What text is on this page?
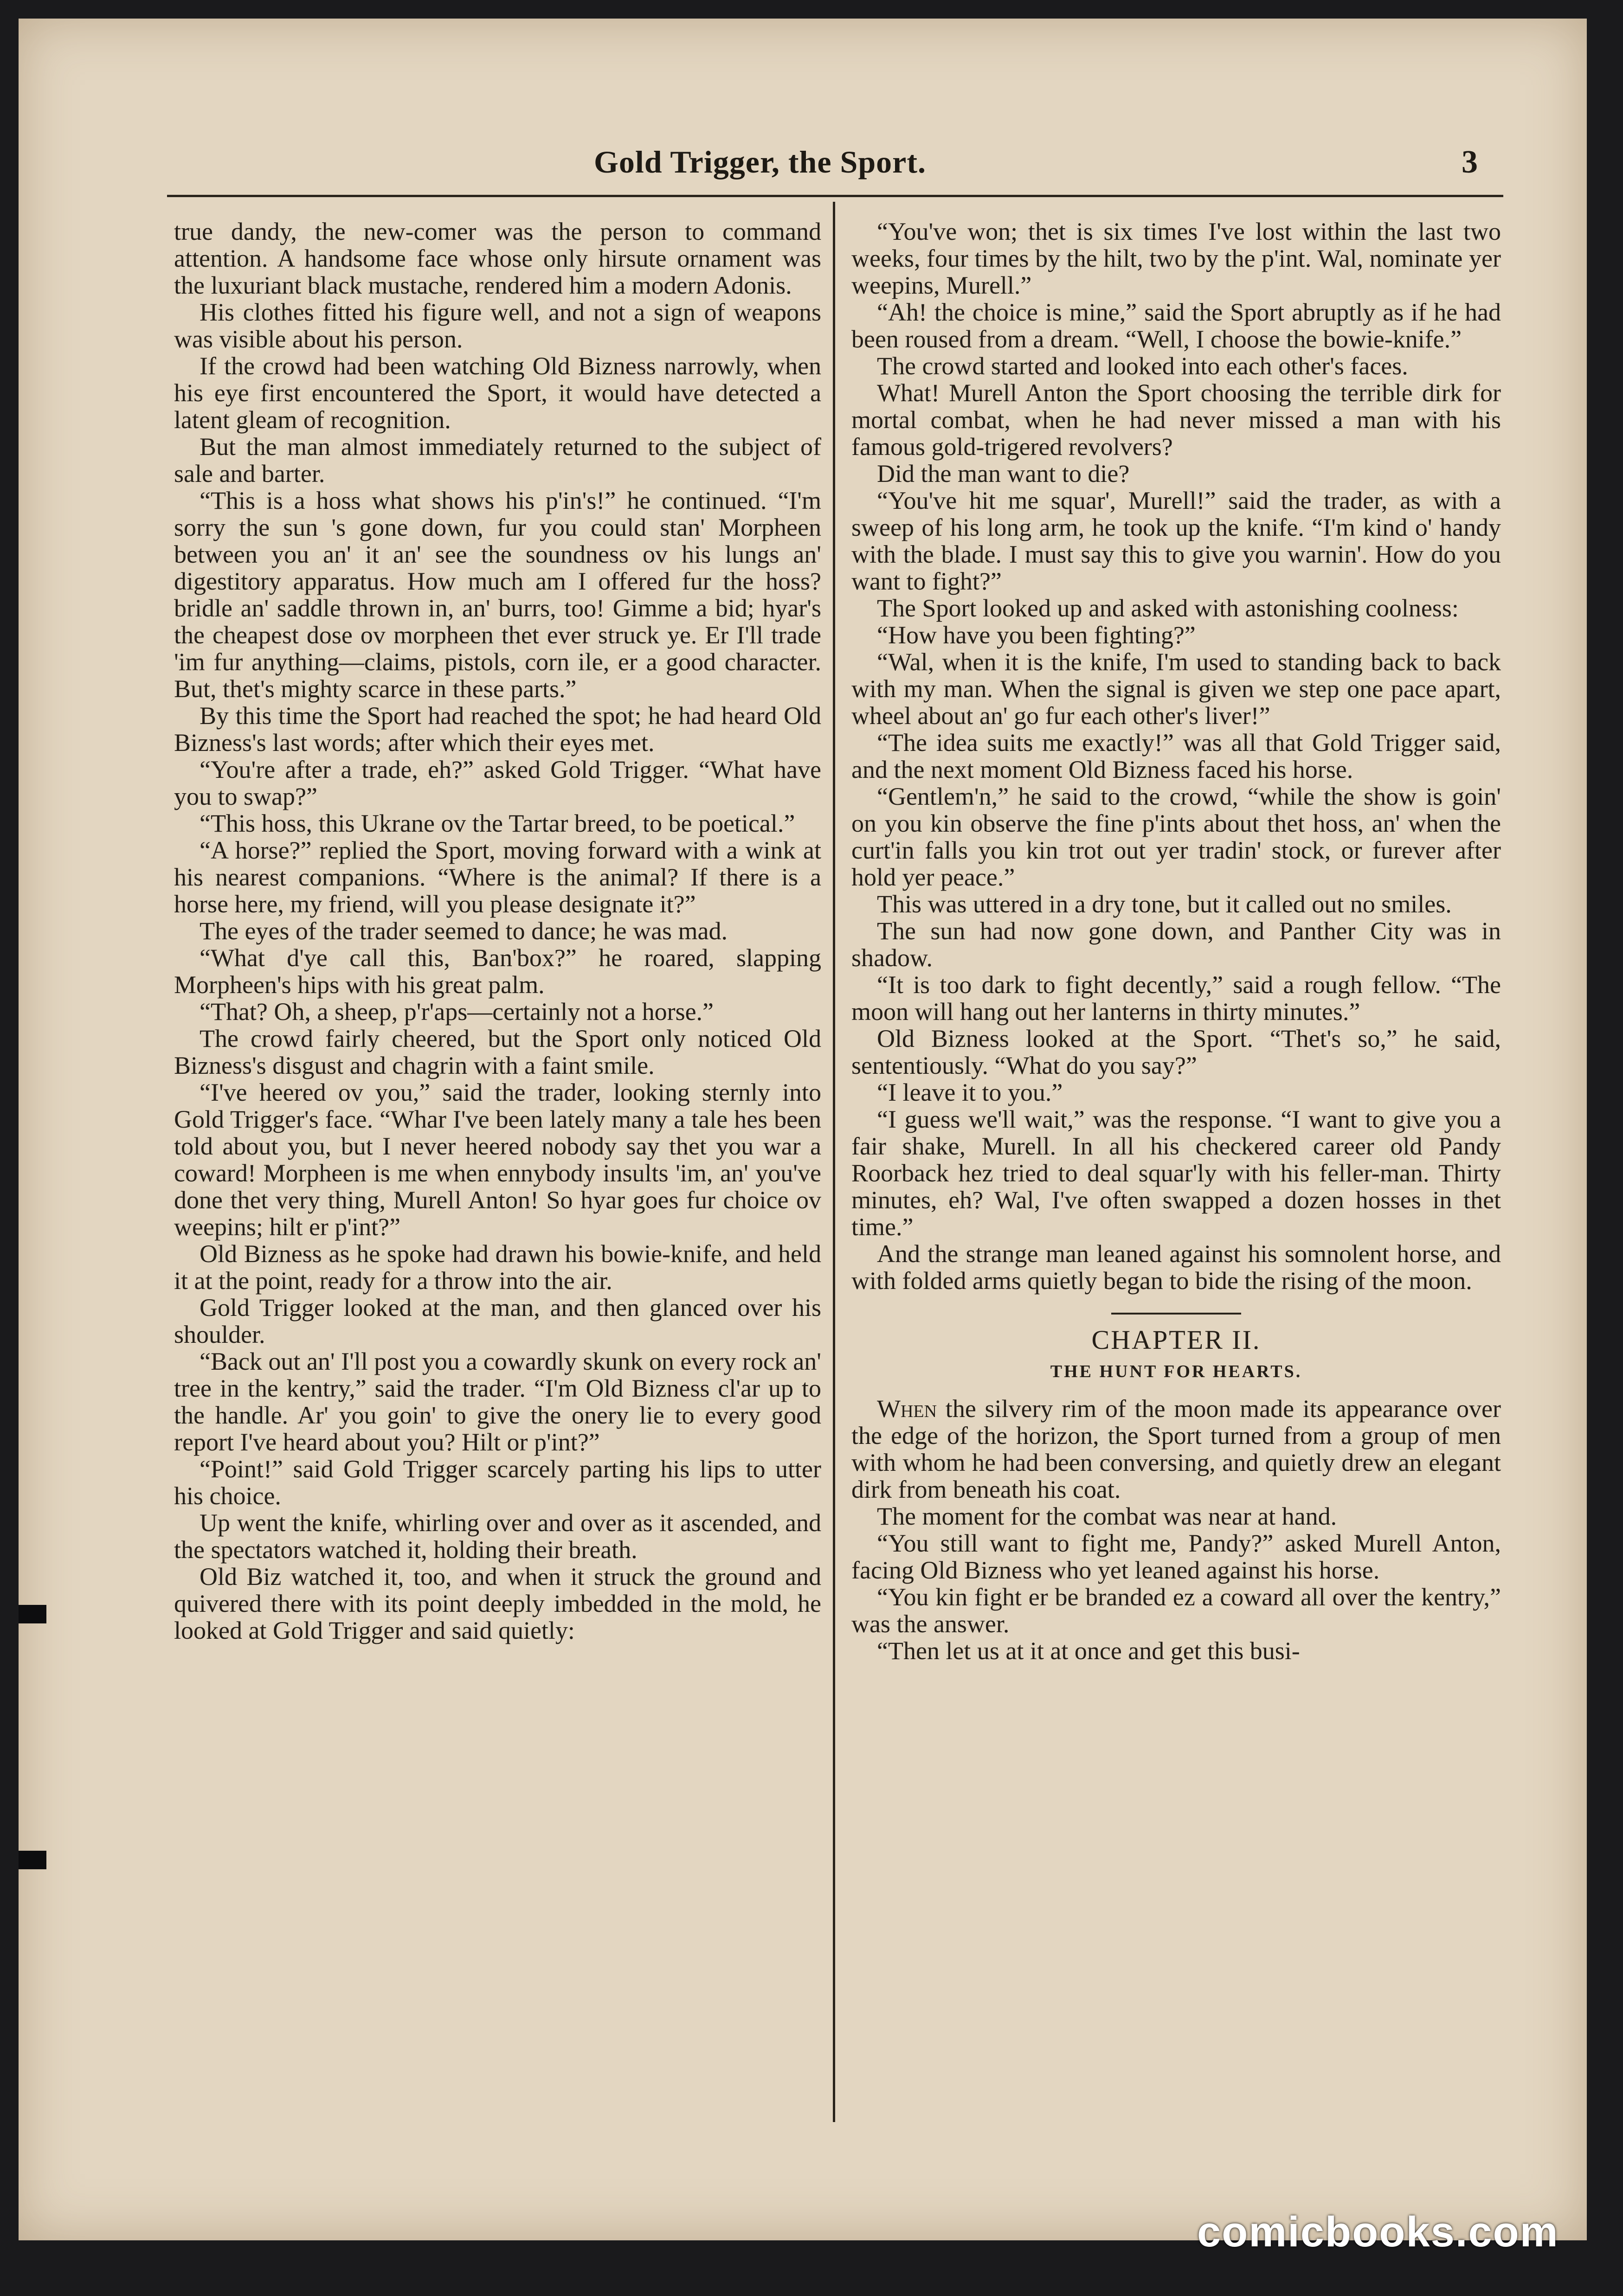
Gold Trigger, the Sport.	3

true dandy, the new-comer was the person to command attention. A handsome face whose only hirsute ornament was the luxuriant black mustache, rendered him a modern Adonis.

His clothes fitted his figure well, and not a sign of weapons was visible about his person.

If the crowd had been watching Old Bizness narrowly, when his eye first encountered the Sport, it would have detected a latent gleam of recognition.

But the man almost immediately returned to the subject of sale and barter.

“This is a hoss what shows his p'in's!” he continued. “I'm sorry the sun 's gone down, fur you could stan' Morpheen between you an' it an' see the soundness ov his lungs an' digestitory apparatus. How much am I offered fur the hoss? bridle an' saddle thrown in, an' burrs, too! Gimme a bid; hyar's the cheapest dose ov morpheen thet ever struck ye. Er I'll trade 'im fur anything—claims, pistols, corn ile, er a good character. But, thet's mighty scarce in these parts.”

By this time the Sport had reached the spot; he had heard Old Bizness's last words; after which their eyes met.

“You're after a trade, eh?” asked Gold Trigger. “What have you to swap?”

“This hoss, this Ukrane ov the Tartar breed, to be poetical.”

“A horse?” replied the Sport, moving forward with a wink at his nearest companions. “Where is the animal? If there is a horse here, my friend, will you please designate it?”

The eyes of the trader seemed to dance; he was mad.

“What d'ye call this, Ban'box?” he roared, slapping Morpheen's hips with his great palm.

“That? Oh, a sheep, p'r'aps—certainly not a horse.”

The crowd fairly cheered, but the Sport only noticed Old Bizness's disgust and chagrin with a faint smile.

“I've heered ov you,” said the trader, looking sternly into Gold Trigger's face. “Whar I've been lately many a tale hes been told about you, but I never heered nobody say thet you war a coward! Morpheen is me when ennybody insults 'im, an' you've done thet very thing, Murell Anton! So hyar goes fur choice ov weepins; hilt er p'int?”

Old Bizness as he spoke had drawn his bowie-knife, and held it at the point, ready for a throw into the air.

Gold Trigger looked at the man, and then glanced over his shoulder.

“Back out an' I'll post you a cowardly skunk on every rock an' tree in the kentry,” said the trader. “I'm Old Bizness cl'ar up to the handle. Ar' you goin' to give the onery lie to every good report I've heard about you? Hilt or p'int?”

“Point!” said Gold Trigger scarcely parting his lips to utter his choice.

Up went the knife, whirling over and over as it ascended, and the spectators watched it, holding their breath.

Old Biz watched it, too, and when it struck the ground and quivered there with its point deeply imbedded in the mold, he looked at Gold Trigger and said quietly:

“You've won; thet is six times I've lost within the last two weeks, four times by the hilt, two by the p'int. Wal, nominate yer weepins, Murell.”

“Ah! the choice is mine,” said the Sport abruptly as if he had been roused from a dream. “Well, I choose the bowie-knife.”

The crowd started and looked into each other's faces.

What! Murell Anton the Sport choosing the terrible dirk for mortal combat, when he had never missed a man with his famous gold-trigered revolvers?

Did the man want to die?

“You've hit me squar', Murell!” said the trader, as with a sweep of his long arm, he took up the knife. “I'm kind o' handy with the blade. I must say this to give you warnin'. How do you want to fight?”

The Sport looked up and asked with astonishing coolness:

“How have you been fighting?”

“Wal, when it is the knife, I'm used to standing back to back with my man. When the signal is given we step one pace apart, wheel about an' go fur each other's liver!”

“The idea suits me exactly!” was all that Gold Trigger said, and the next moment Old Bizness faced his horse.

“Gentlem'n,” he said to the crowd, “while the show is goin' on you kin observe the fine p'ints about thet hoss, an' when the curt'in falls you kin trot out yer tradin' stock, or furever after hold yer peace.”

This was uttered in a dry tone, but it called out no smiles.

The sun had now gone down, and Panther City was in shadow.

“It is too dark to fight decently,” said a rough fellow. “The moon will hang out her lanterns in thirty minutes.”

Old Bizness looked at the Sport. “Thet's so,” he said, sententiously. “What do you say?”

“I leave it to you.”

“I guess we'll wait,” was the response. “I want to give you a fair shake, Murell. In all his checkered career old Pandy Roorback hez tried to deal squar'ly with his feller-man. Thirty minutes, eh? Wal, I've often swapped a dozen hosses in thet time.”

And the strange man leaned against his somnolent horse, and with folded arms quietly began to bide the rising of the moon.

CHAPTER II.
THE HUNT FOR HEARTS.

When the silvery rim of the moon made its appearance over the edge of the horizon, the Sport turned from a group of men with whom he had been conversing, and quietly drew an elegant dirk from beneath his coat.

The moment for the combat was near at hand.

“You still want to fight me, Pandy?” asked Murell Anton, facing Old Bizness who yet leaned against his horse.

“You kin fight er be branded ez a coward all over the kentry,” was the answer.

“Then let us at it at once and get this busi-

comicbooks.com
